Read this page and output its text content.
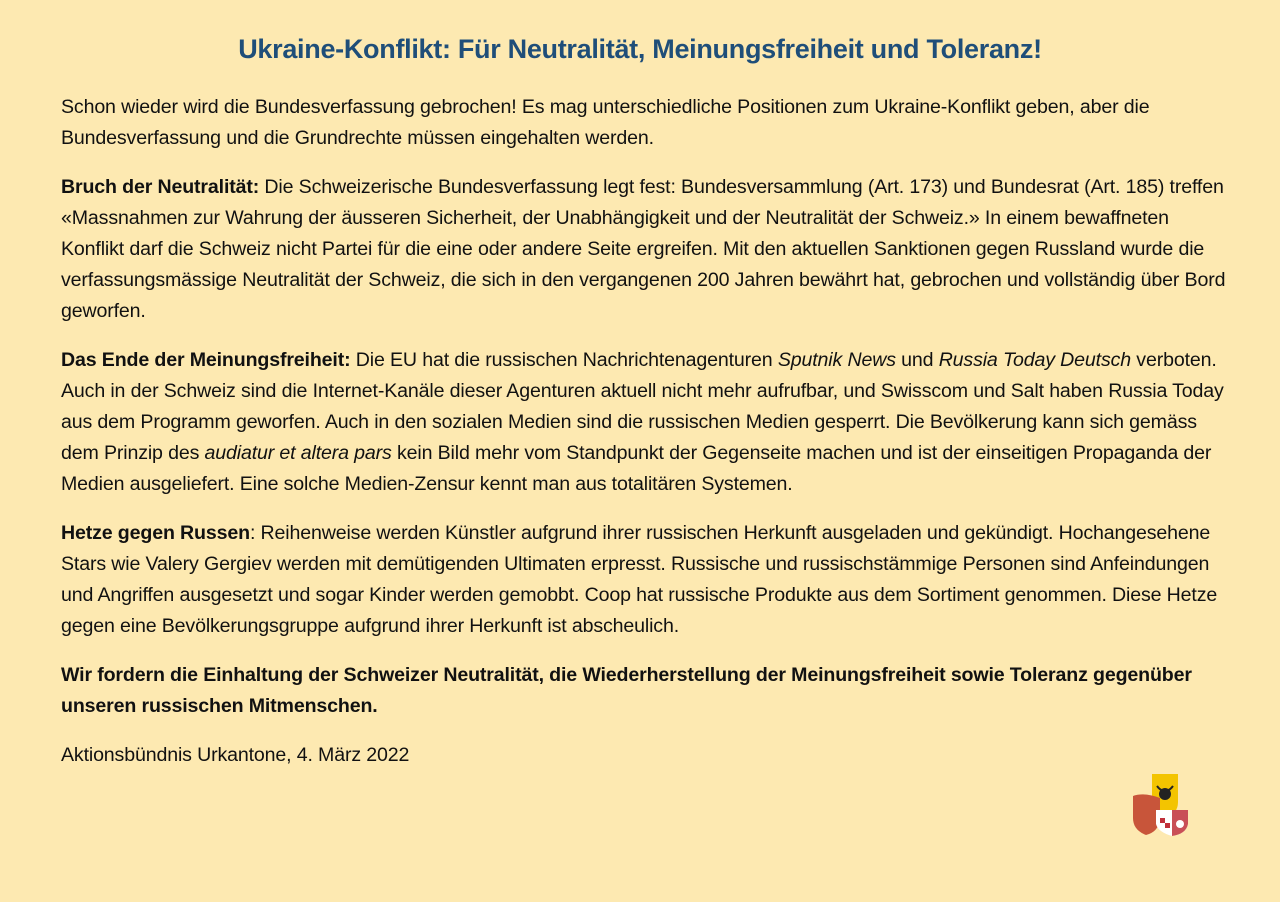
Ukraine-Konflikt: Für Neutralität, Meinungsfreiheit und Toleranz!

Schon wieder wird die Bundesverfassung gebrochen! Es mag unterschiedliche Positionen zum Ukraine-Konflikt geben, aber die Bundesverfassung und die Grundrechte müssen eingehalten werden.

Bruch der Neutralität: Die Schweizerische Bundesverfassung legt fest: Bundesversammlung (Art. 173) und Bundesrat (Art. 185) treffen «Massnahmen zur Wahrung der äusseren Sicherheit, der Unabhängigkeit und der Neutralität der Schweiz.» In einem bewaffneten Konflikt darf die Schweiz nicht Partei für die eine oder andere Seite ergreifen. Mit den aktuellen Sanktionen gegen Russland wurde die verfassungsmässige Neutralität der Schweiz, die sich in den vergangenen 200 Jahren bewährt hat, gebrochen und vollständig über Bord geworfen.

Das Ende der Meinungsfreiheit: Die EU hat die russischen Nachrichtenagenturen Sputnik News und Russia Today Deutsch verboten. Auch in der Schweiz sind die Internet-Kanäle dieser Agenturen aktuell nicht mehr aufrufbar, und Swisscom und Salt haben Russia Today aus dem Programm geworfen. Auch in den sozialen Medien sind die russischen Medien gesperrt. Die Bevölkerung kann sich gemäss dem Prinzip des audiatur et altera pars kein Bild mehr vom Standpunkt der Gegenseite machen und ist der einseitigen Propaganda der Medien ausgeliefert. Eine solche Medien-Zensur kennt man aus totalitären Systemen.

Hetze gegen Russen: Reihenweise werden Künstler aufgrund ihrer russischen Herkunft ausgeladen und gekündigt. Hochangesehene Stars wie Valery Gergiev werden mit demütigenden Ultimaten erpresst. Russische und russischstämmige Personen sind Anfeindungen und Angriffen ausgesetzt und sogar Kinder werden gemobbt. Coop hat russische Produkte aus dem Sortiment genommen. Diese Hetze gegen eine Bevölkerungsgruppe aufgrund ihrer Herkunft ist abscheulich.

Wir fordern die Einhaltung der Schweizer Neutralität, die Wiederherstellung der Meinungsfreiheit sowie Toleranz gegenüber unseren russischen Mitmenschen.

Aktionsbündnis Urkantone, 4. März 2022
